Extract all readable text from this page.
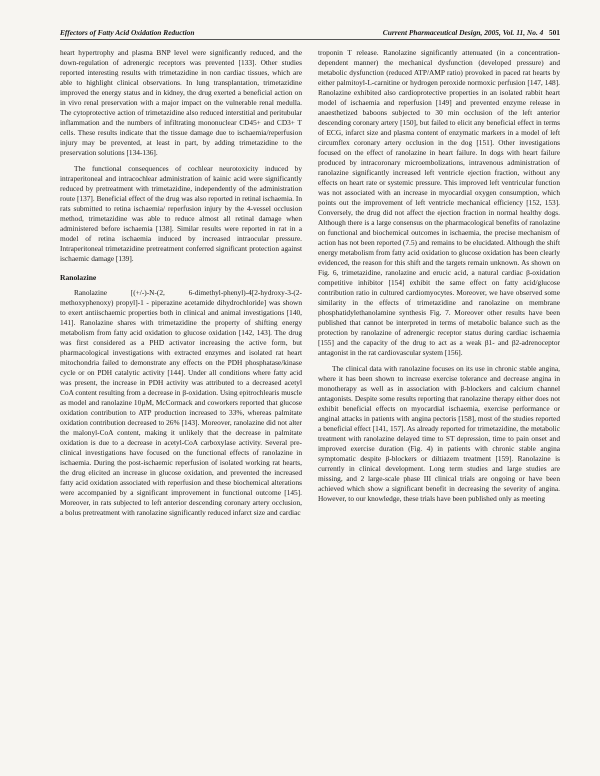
Effectors of Fatty Acid Oxidation Reduction	Current Pharmaceutical Design, 2005, Vol. 11, No. 4 501

heart hypertrophy and plasma BNP level were significantly reduced, and the down-regulation of adrenergic receptors was prevented [133]. Other studies reported interesting results with trimetazidine in non cardiac tissues, which are able to highlight clinical observations. In lung transplantation, trimetazidine improved the energy status and in kidney, the drug exerted a beneficial action on in vivo renal preservation with a major impact on the vulnerable renal medulla. The cytoprotective action of trimetazidine also reduced interstitial and peritubular inflammation and the numbers of infiltrating mononuclear CD45+ and CD3+ T cells. These results indicate that the tissue damage due to ischaemia/reperfusion injury may be prevented, at least in part, by adding trimetazidine to the preservation solutions [134-136].

The functional consequences of cochlear neurotoxicity induced by intraperitoneal and intracochlear administration of kainic acid were significantly reduced by pretreatment with trimetazidine, independently of the administration route [137]. Beneficial effect of the drug was also reported in retinal ischaemia. In rats submitted to retina ischaemia/ reperfusion injury by the 4-vessel occlusion method, trimetazidine was able to reduce almost all retinal damage when administered before ischaemia [138]. Similar results were reported in rat in a model of retina ischaemia induced by increased intraocular pressure. Intraperitoneal trimetazidine pretreatment conferred significant protection against ischaemic damage [139].

Ranolazine

Ranolazine [(+/-)-N-(2, 6-dimethyl-phenyl)-4[2-hydroxy-3-(2-methoxyphenoxy) propyl]-1 - piperazine acetamide dihydrochloride] was shown to exert antiischaemic properties both in clinical and animal investigations [140, 141]. Ranolazine shares with trimetazidine the property of shifting energy metabolism from fatty acid oxidation to glucose oxidation [142, 143]. The drug was first considered as a PHD activator increasing the active form, but pharmacological investigations with extracted enzymes and isolated rat heart mitochondria failed to demonstrate any effects on the PDH phosphatase/kinase cycle or on PDH catalytic activity [144]. Under all conditions where fatty acid was present, the increase in PDH activity was attributed to a decreased acetyl CoA content resulting from a decrease in β-oxidation. Using epitrochlearis muscle as model and ranolazine 10µM, McCormack and coworkers reported that glucose oxidation contribution to ATP production increased to 33%, whereas palmitate oxidation contribution decreased to 26% [143]. Moreover, ranolazine did not alter the malonyl-CoA content, making it unlikely that the decrease in palmitate oxidation is due to a decrease in acetyl-CoA carboxylase activity. Several pre-clinical investigations have focused on the functional effects of ranolazine in ischaemia. During the post-ischaemic reperfusion of isolated working rat hearts, the drug elicited an increase in glucose oxidation, and prevented the increased fatty acid oxidation associated with reperfusion and these biochemical alterations were accompanied by a significant improvement in functional outcome [145]. Moreover, in rats subjected to left anterior descending coronary artery occlusion, a bolus pretreatment with ranolazine significantly reduced infarct size and cardiac

troponin T release. Ranolazine significantly attenuated (in a concentration-dependent manner) the mechanical dysfunction (developed pressure) and metabolic dysfunction (reduced ATP/AMP ratio) provoked in paced rat hearts by either palmitoyl-L-carnitine or hydrogen peroxide normoxic perfusion [147, 148]. Ranolazine exhibited also cardioprotective properties in an isolated rabbit heart model of ischaemia and reperfusion [149] and prevented enzyme release in anaesthetized baboons subjected to 30 min occlusion of the left anterior descending coronary artery [150], but failed to elicit any beneficial effect in terms of ECG, infarct size and plasma content of enzymatic markers in a model of left circumflex coronary artery occlusion in the dog [151]. Other investigations focused on the effect of ranolazine in heart failure. In dogs with heart failure produced by intracoronary microembolizations, intravenous administration of ranolazine significantly increased left ventricle ejection fraction, without any effects on heart rate or systemic pressure. This improved left ventricular function was not associated with an increase in myocardial oxygen consumption, which points out the improvement of left ventricle mechanical efficiency [152, 153]. Conversely, the drug did not affect the ejection fraction in normal healthy dogs. Although there is a large consensus on the pharmacological benefits of ranolazine on functional and biochemical outcomes in ischaemia, the precise mechanism of action has not been reported (7.5) and remains to be elucidated. Although the shift energy metabolism from fatty acid oxidation to glucose oxidation has been clearly evidenced, the reason for this shift and the targets remain unknown. As shown on Fig. 6, trimetazidine, ranolazine and erucic acid, a natural cardiac β-oxidation competitive inhibitor [154] exhibit the same effect on fatty acid/glucose contribution ratio in cultured cardiomyocytes. Moreover, we have observed some similarity in the effects of trimetazidine and ranolazine on membrane phosphatidylethanolamine synthesis Fig. 7. Moreover other results have been published that cannot be interpreted in terms of metabolic balance such as the protection by ranolazine of adrenergic receptor status during cardiac ischaemia [155] and the capacity of the drug to act as a weak β1- and β2-adrenoceptor antagonist in the rat cardiovascular system [156].

The clinical data with ranolazine focuses on its use in chronic stable angina, where it has been shown to increase exercise tolerance and decrease angina in monotherapy as well as in association with β-blockers and calcium channel antagonists. Despite some results reporting that ranolazine therapy either does not exhibit beneficial effects on myocardial ischaemia, exercise performance or anginal attacks in patients with angina pectoris [158], most of the studies reported a beneficial effect [141, 157]. As already reported for trimetazidine, the metabolic treatment with ranolazine delayed time to ST depression, time to pain onset and improved exercise duration (Fig. 4) in patients with chronic stable angina symptomatic despite β-blockers or diltiazem treatment [159]. Ranolazine is currently in clinical development. Long term studies and large studies are missing, and 2 large-scale phase III clinical trials are ongoing or have been achieved which show a significant benefit in decreasing the severity of angina. However, to our knowledge, these trials have been published only as meeting
